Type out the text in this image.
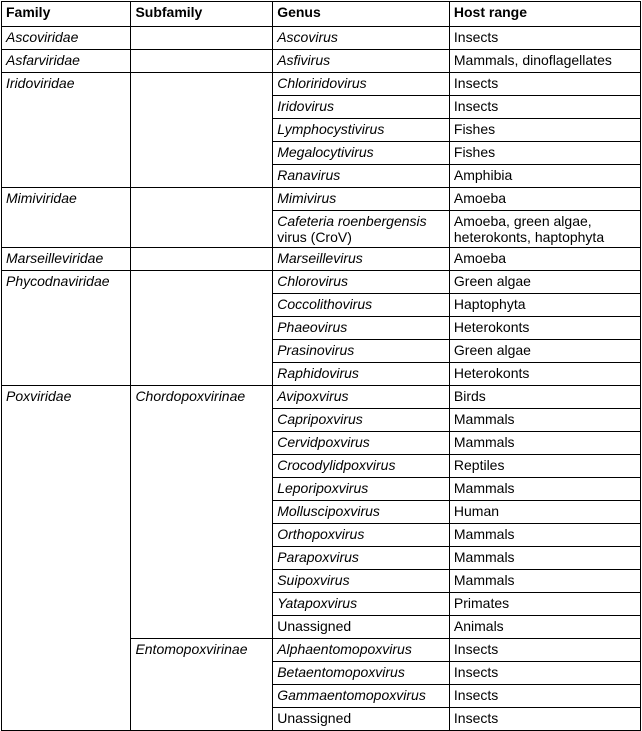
Family	Subfamily	Genus	Host range
Ascoviridae		Ascovirus	Insects
Asfarviridae		Asfivirus	Mammals, dinoflagellates
Iridoviridae		Chloriridovirus	Insects
		Iridovirus	Insects
		Lymphocystivirus	Fishes
		Megalocytivirus	Fishes
		Ranavirus	Amphibia
Mimiviridae		Mimivirus	Amoeba
		Cafeteria roenbergensis virus (CroV)	Amoeba, green algae, heterokonts, haptophyta
Marseilleviridae		Marseillevirus	Amoeba
Phycodnaviridae		Chlorovirus	Green algae
		Coccolithovirus	Haptophyta
		Phaeovirus	Heterokonts
		Prasinovirus	Green algae
		Raphidovirus	Heterokonts
Poxviridae	Chordopoxvirinae	Avipoxvirus	Birds
		Capripoxvirus	Mammals
		Cervidpoxvirus	Mammals
		Crocodylidpoxvirus	Reptiles
		Leporipoxvirus	Mammals
		Molluscipoxvirus	Human
		Orthopoxvirus	Mammals
		Parapoxvirus	Mammals
		Suipoxvirus	Mammals
		Yatapoxvirus	Primates
		Unassigned	Animals
	Entomopoxvirinae	Alphaentomopoxvirus	Insects
		Betaentomopoxvirus	Insects
		Gammaentomopoxvirus	Insects
		Unassigned	Insects
